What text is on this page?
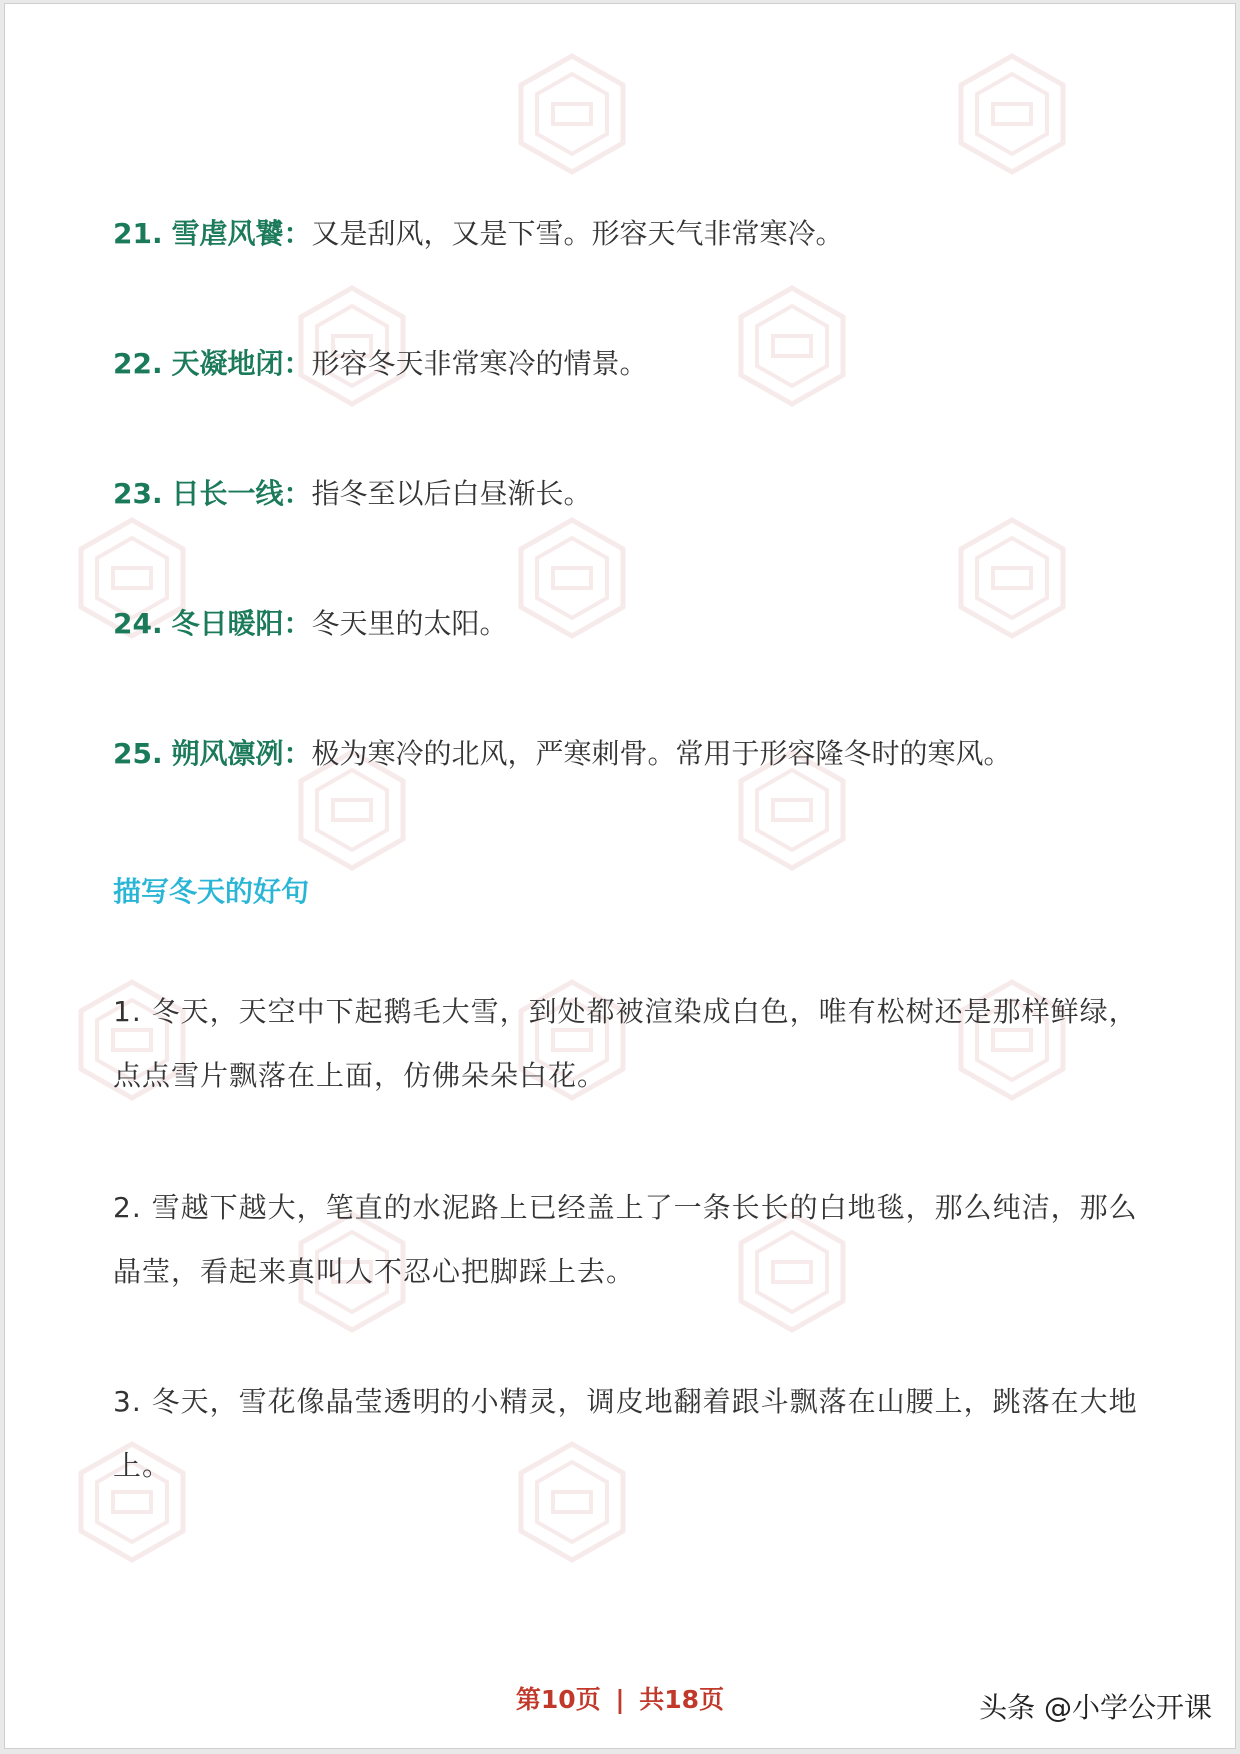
21. 雪虐风饕：又是刮风，又是下雪。形容天气非常寒冷。
22. 天凝地闭：形容冬天非常寒冷的情景。
23. 日长一线：指冬至以后白昼渐长。
24. 冬日暖阳：冬天里的太阳。
25. 朔风凛冽：极为寒冷的北风，严寒刺骨。常用于形容隆冬时的寒风。
描写冬天的好句
1. 冬天，天空中下起鹅毛大雪，到处都被渲染成白色，唯有松树还是那样鲜绿，点点雪片飘落在上面，仿佛朵朵白花。
2. 雪越下越大，笔直的水泥路上已经盖上了一条长长的白地毯，那么纯洁，那么晶莹，看起来真叫人不忍心把脚踩上去。
3. 冬天，雪花像晶莹透明的小精灵，调皮地翻着跟斗飘落在山腰上，跳落在大地上。
第10页 | 共18页	头条 @小学公开课
